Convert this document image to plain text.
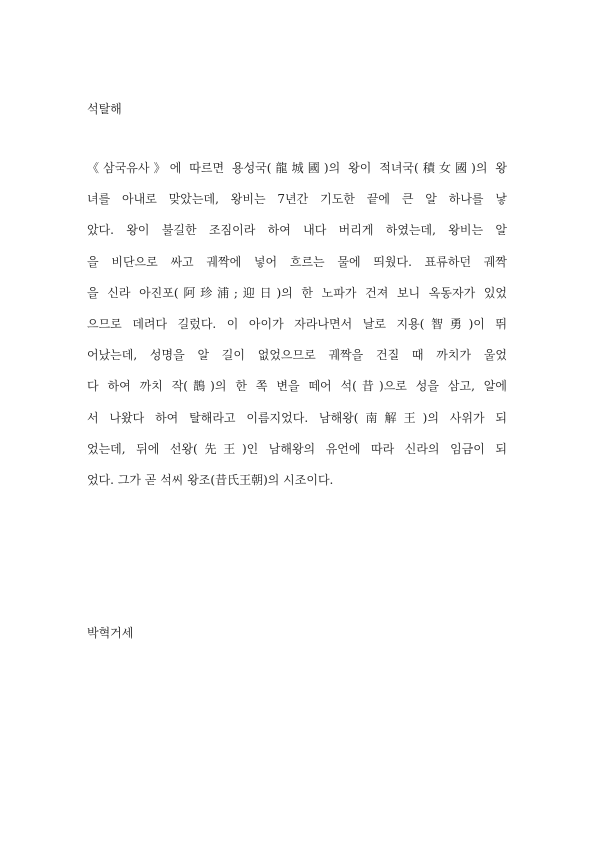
석탈해
《삼국유사》에 따르면 용성국(龍城國)의 왕이 적녀국(積女國)의 왕
녀를 아내로 맞았는데, 왕비는 7년간 기도한 끝에 큰 알 하나를 낳
았다. 왕이 불길한 조짐이라 하여 내다 버리게 하였는데, 왕비는 알
을 비단으로 싸고 궤짝에 넣어 흐르는 물에 띄웠다. 표류하던 궤짝
을 신라 아진포(阿珍浦;迎日)의 한 노파가 건져 보니 옥동자가 있었
으므로 데려다 길렀다. 이 아이가 자라나면서 날로 지용(智勇)이 뛰
어났는데, 성명을 알 길이 없었으므로 궤짝을 건질 때 까치가 울었
다 하여 까치 작(鵲)의 한 쪽 변을 떼어 석(昔)으로 성을 삼고, 알에
서 나왔다 하여 탈해라고 이름지었다. 남해왕(南解王)의 사위가 되
었는데, 뒤에 선왕(先王)인 남해왕의 유언에 따라 신라의 임금이 되
었다. 그가 곧 석씨 왕조(昔氏王朝)의 시조이다.
박혁거세
